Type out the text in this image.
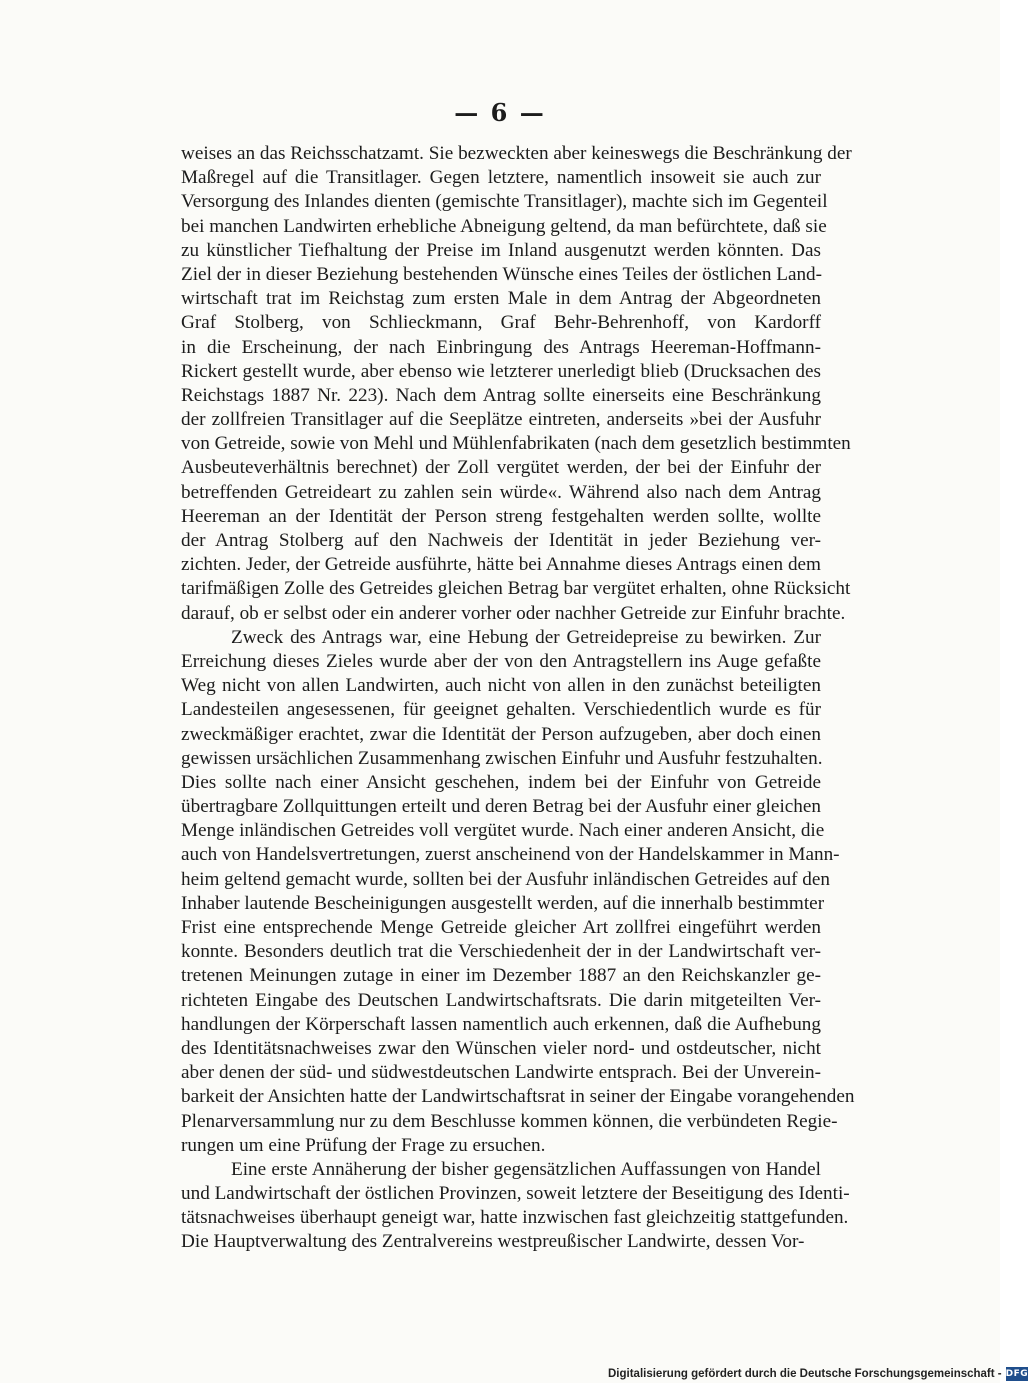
— 6 —
weises an das Reichsschatzamt. Sie bezweckten aber keineswegs die Beschränkung der
Maßregel auf die Transitlager. Gegen letztere, namentlich insoweit sie auch zur
Versorgung des Inlandes dienten (gemischte Transitlager), machte sich im Gegenteil
bei manchen Landwirten erhebliche Abneigung geltend, da man befürchtete, daß sie
zu künstlicher Tiefhaltung der Preise im Inland ausgenutzt werden könnten. Das
Ziel der in dieser Beziehung bestehenden Wünsche eines Teiles der östlichen Land-
wirtschaft trat im Reichstag zum ersten Male in dem Antrag der Abgeordneten
Graf Stolberg, von Schlieckmann, Graf Behr-Behrenhoff, von Kardorff
in die Erscheinung, der nach Einbringung des Antrags Heereman-Hoffmann-
Rickert gestellt wurde, aber ebenso wie letzterer unerledigt blieb (Drucksachen des
Reichstags 1887 Nr. 223). Nach dem Antrag sollte einerseits eine Beschränkung
der zollfreien Transitlager auf die Seeplätze eintreten, anderseits »bei der Ausfuhr
von Getreide, sowie von Mehl und Mühlenfabrikaten (nach dem gesetzlich bestimmten
Ausbeuteverhältnis berechnet) der Zoll vergütet werden, der bei der Einfuhr der
betreffenden Getreideart zu zahlen sein würde«. Während also nach dem Antrag
Heereman an der Identität der Person streng festgehalten werden sollte, wollte
der Antrag Stolberg auf den Nachweis der Identität in jeder Beziehung ver-
zichten. Jeder, der Getreide ausführte, hätte bei Annahme dieses Antrags einen dem
tarifmäßigen Zolle des Getreides gleichen Betrag bar vergütet erhalten, ohne Rücksicht
darauf, ob er selbst oder ein anderer vorher oder nachher Getreide zur Einfuhr brachte.
Zweck des Antrags war, eine Hebung der Getreidepreise zu bewirken. Zur
Erreichung dieses Zieles wurde aber der von den Antragstellern ins Auge gefaßte
Weg nicht von allen Landwirten, auch nicht von allen in den zunächst beteiligten
Landesteilen angesessenen, für geeignet gehalten. Verschiedentlich wurde es für
zweckmäßiger erachtet, zwar die Identität der Person aufzugeben, aber doch einen
gewissen ursächlichen Zusammenhang zwischen Einfuhr und Ausfuhr festzuhalten.
Dies sollte nach einer Ansicht geschehen, indem bei der Einfuhr von Getreide
übertragbare Zollquittungen erteilt und deren Betrag bei der Ausfuhr einer gleichen
Menge inländischen Getreides voll vergütet wurde. Nach einer anderen Ansicht, die
auch von Handelsvertretungen, zuerst anscheinend von der Handelskammer in Mann-
heim geltend gemacht wurde, sollten bei der Ausfuhr inländischen Getreides auf den
Inhaber lautende Bescheinigungen ausgestellt werden, auf die innerhalb bestimmter
Frist eine entsprechende Menge Getreide gleicher Art zollfrei eingeführt werden
konnte. Besonders deutlich trat die Verschiedenheit der in der Landwirtschaft ver-
tretenen Meinungen zutage in einer im Dezember 1887 an den Reichskanzler ge-
richteten Eingabe des Deutschen Landwirtschaftsrats. Die darin mitgeteilten Ver-
handlungen der Körperschaft lassen namentlich auch erkennen, daß die Aufhebung
des Identitätsnachweises zwar den Wünschen vieler nord- und ostdeutscher, nicht
aber denen der süd- und südwestdeutschen Landwirte entsprach. Bei der Unverein-
barkeit der Ansichten hatte der Landwirtschaftsrat in seiner der Eingabe vorangehenden
Plenarversammlung nur zu dem Beschlusse kommen können, die verbündeten Regie-
rungen um eine Prüfung der Frage zu ersuchen.
Eine erste Annäherung der bisher gegensätzlichen Auffassungen von Handel
und Landwirtschaft der östlichen Provinzen, soweit letztere der Beseitigung des Identi-
tätsnachweises überhaupt geneigt war, hatte inzwischen fast gleichzeitig stattgefunden.
Die Hauptverwaltung des Zentralvereins westpreußischer Landwirte, dessen Vor-
Digitalisierung gefördert durch die Deutsche Forschungsgemeinschaft - DFG
